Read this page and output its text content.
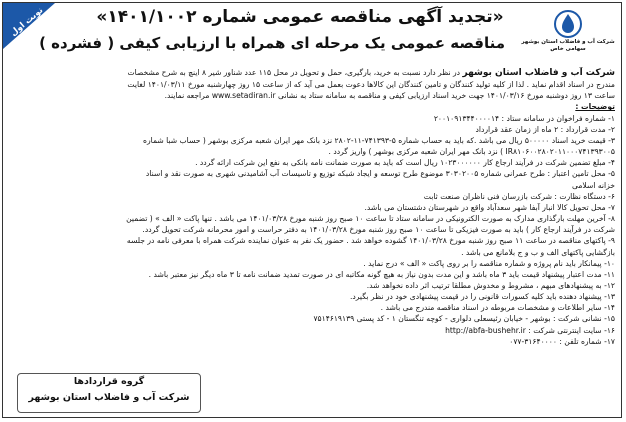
نوبت اول
شرکت آب و فاضلاب استان بوشهر
سهامی خاص
«تجدید آگهی مناقصه عمومی شماره ۱۴۰۱/۱۰۰۲»
مناقصه عمومی یک مرحله ای همراه با ارزیابی کیفی ( فشرده )
شرکت آب و فاضلاب استان بوشهر در نظر دارد نسبت به خرید، بارگیری، حمل و تحویل در محل ۱۱۵ عدد شناور شیر ۸ اینچ به شرح مشخصات
مندرج در اسناد اقدام نماید . لذا از کلیه تولید کنندگان و تامین کنندگان این کالاها دعوت بعمل می آید که از ساعت ۱۵ روز چهارشنبه مورخ ۱۴۰۱/۰۳/۱۱ لغایت
ساعت ۱۳ روز دوشنبه مورخ ۱۴۰۱/۰۳/۱۶ جهت خرید اسناد ارزیابی کیفی و مناقصه به سامانه ستاد به نشانی www.setadiran.ir مراجعه نمایند.
توضیحات :
۱- شماره فراخوان در سامانه ستاد : ۲۰۰۱۰۹۱۳۴۴۰۰۰۰۱۴
۲- مدت قرارداد : ۲ ماه از زمان عقد قرارداد
۳- قیمت خرید اسناد ۵۰۰۰۰۰ ریال می باشد .که باید به حساب شماره ۵-۷۴۱۳۹۳-۱۱-۲۸۰۲ نزد بانک مهر ایران شعبه مرکزی بوشهر ( حساب شبا شماره
IR۸۱۰۶۰۰۲۸۰۲۰۱۱۰۰۰۷۴۱۳۹۳۰۰۵ ) نزد بانک مهر ایران شعبه مرکزی بوشهر ) واریز گردد .
۴- مبلغ تضمین شرکت در فرآیند ارجاع کار ۱۰۲۳۰۰۰۰۰۰ ریال است که باید به صورت ضمانت نامه بانکی به نفع این شرکت ارائه گردد .
۵- محل تامین اعتبار : طرح عمرانی شماره ۳۰۳۰۲۰۰۵ موضوع طرح توسعه و ایجاد شبکه توزیع و تاسیسات آب آشامیدنی شهری به صورت نقد و اسناد
خزانه اسلامی
۶- دستگاه نظارت : شرکت بازرسان فنی ناظران صنعت ثابت
۷- محل تحویل کالا انبار آبفا شهر سعدآباد واقع در شهرستان دشتستان می باشد.
۸- آخرین مهلت بارگذاری مدارک به صورت الکترونیکی در سامانه ستاد تا ساعت ۱۰ صبح روز شنبه مورخ ۱۴۰۱/۰۳/۲۸ می باشد . تنها پاکت « الف » ( تضمین
شرکت در فرآیند ارجاع کار ) باید به صورت فیزیکی تا ساعت ۱۰ صبح روز شنبه مورخ ۱۴۰۱/۰۳/۲۸ به دفتر حراست و امور محرمانه شرکت تحویل گردد.
۹- پاکتهای مناقصه در ساعت ۱۱ صبح روز شنبه مورخ ۱۴۰۱/۰۳/۲۸ گشوده خواهد شد . حضور یک نفر به عنوان نماینده شرکت همراه با معرفی نامه در جلسه
بازگشایی پاکتهای الف و ب و ج بلامانع می باشد .
۱۰- پیمانکار باید نام پروژه و شماره مناقصه را بر روی پاکت « الف » درج نماید .
۱۱- مدت اعتبار پیشنهاد قیمت باید ۳ ماه باشد و این مدت بدون نیاز به هیچ گونه مکاتبه ای در صورت تمدید ضمانت نامه تا ۳ ماه دیگر نیز معتبر باشد .
۱۲- به پیشنهادهای مبهم ، مشروط و مخدوش مطلقا ترتیب اثر داده نخواهد شد.
۱۳- پیشنهاد دهنده باید کلیه کسورات قانونی را در قیمت پیشنهادی خود در نظر بگیرد.
۱۴- سایر اطلاعات و مشخصات مربوطه در اسناد مناقصه مندرج می باشد .
۱۵- نشانی شرکت : بوشهر - خیابان رئیسعلی دلواری - کوچه تنگستان ۱ - کد پستی ۷۵۱۴۶۱۹۱۳۹
۱۶- سایت اینترنتی شرکت : http://abfa-bushehr.ir
۱۷- شماره تلفن : ۳۱۶۴۰۰۰۰-۰۷۷
گروه قراردادها
شرکت آب و فاضلاب استان بوشهر
